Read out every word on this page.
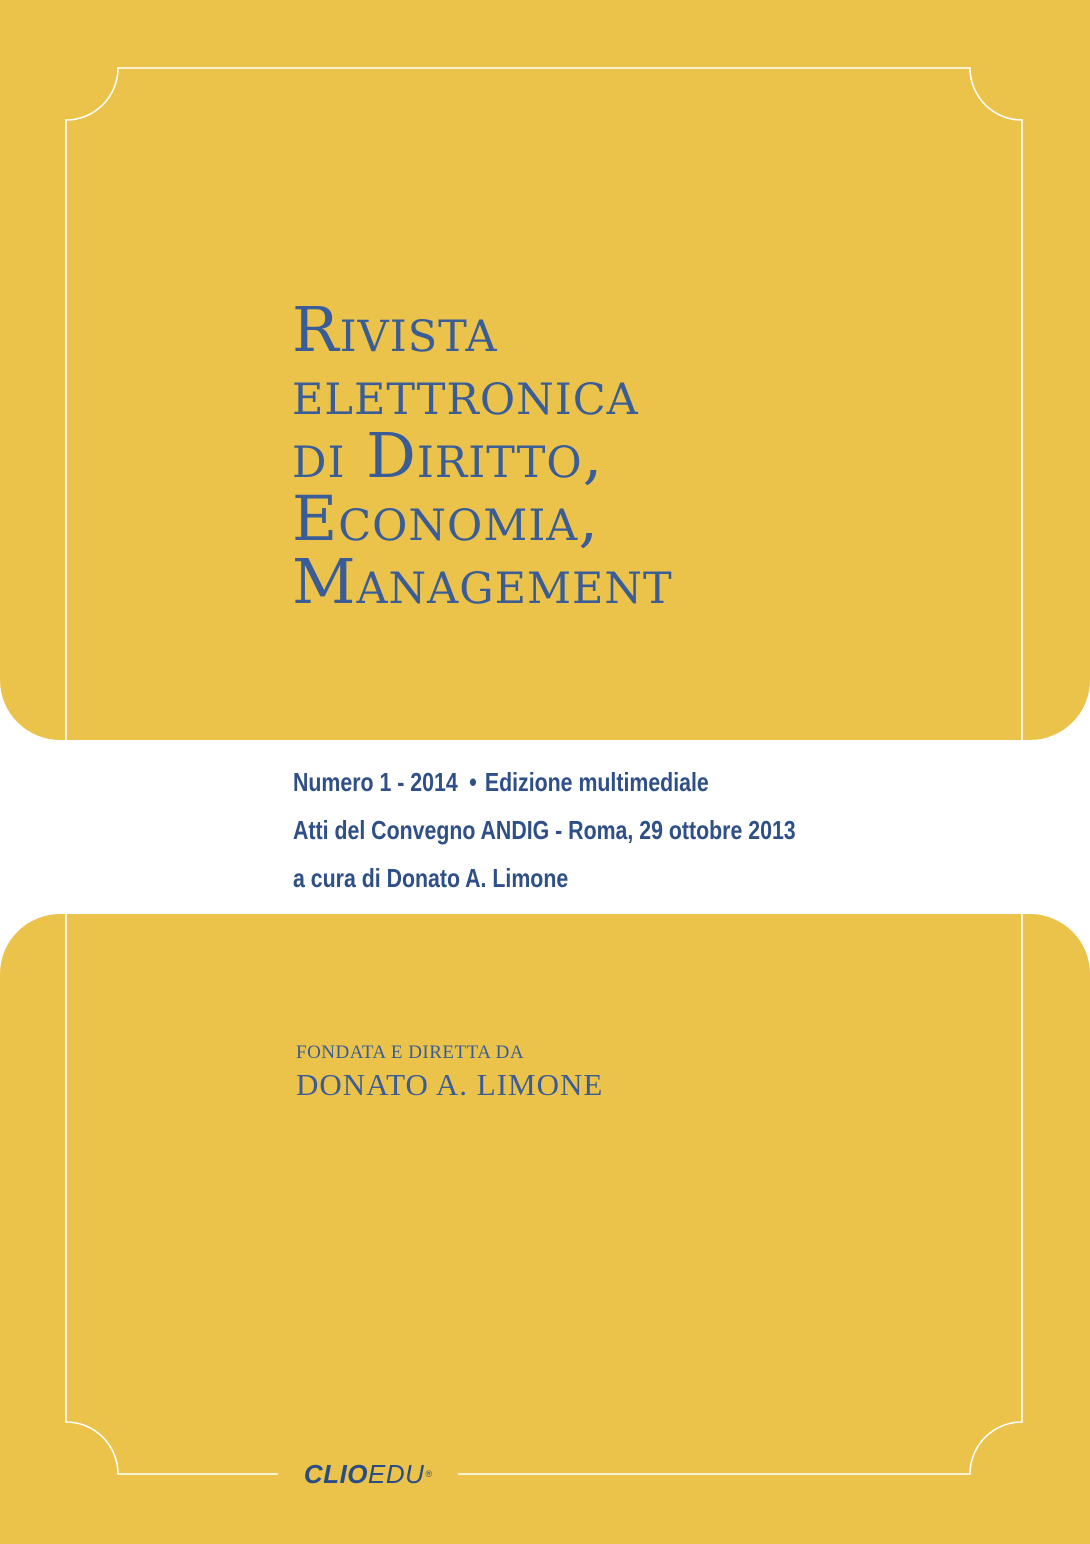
Rivista
elettronica
di Diritto,
Economia,
Management
Numero 1 - 2014 • Edizione multimediale
Atti del Convegno ANDIG - Roma, 29 ottobre 2013
a cura di Donato A. Limone
FONDATA E DIRETTA DA
DONATO A. LIMONE
CLIO EDU ®
